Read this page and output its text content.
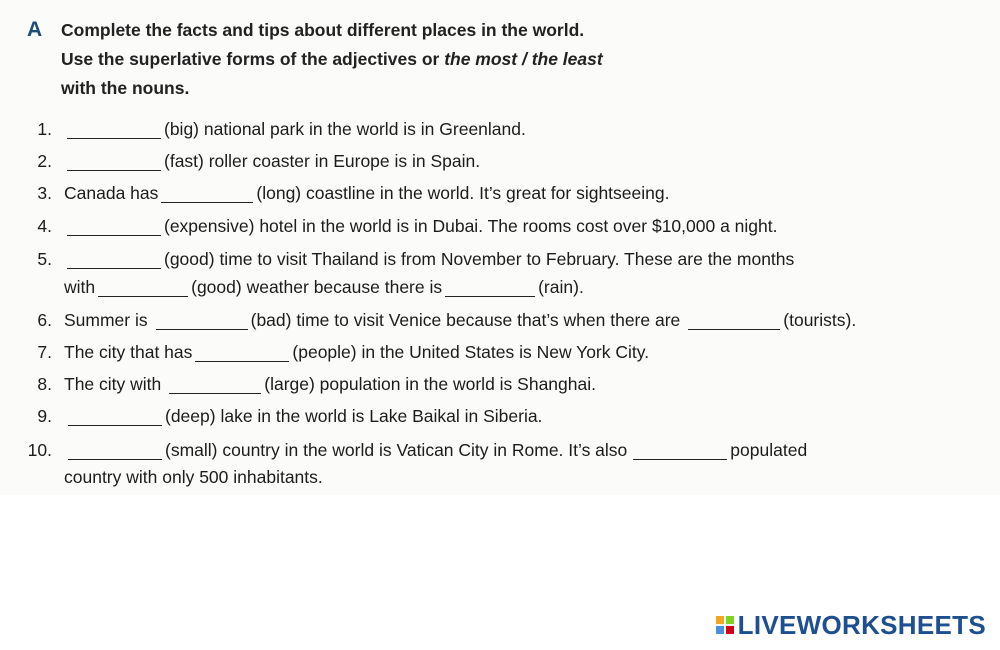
A Complete the facts and tips about different places in the world.
Use the superlative forms of the adjectives or the most / the least
with the nouns.
1.	(big) national park in the world is in Greenland.
2.	(fast) roller coaster in Europe is in Spain.
3. Canada has	(long) coastline in the world. It’s great for sightseeing.
4.	(expensive) hotel in the world is in Dubai. The rooms cost over $10,000 a night.
5.	(good) time to visit Thailand is from November to February. These are the months
with	(good) weather because there is	(rain).
6. Summer is	(bad) time to visit Venice because that’s when there are	(tourists).
7. The city that has	(people) in the United States is New York City.
8. The city with	(large) population in the world is Shanghai.
9.	(deep) lake in the world is Lake Baikal in Siberia.
10.	(small) country in the world is Vatican City in Rome. It’s also	populated
country with only 500 inhabitants.
LIVEWORKSHEETS
